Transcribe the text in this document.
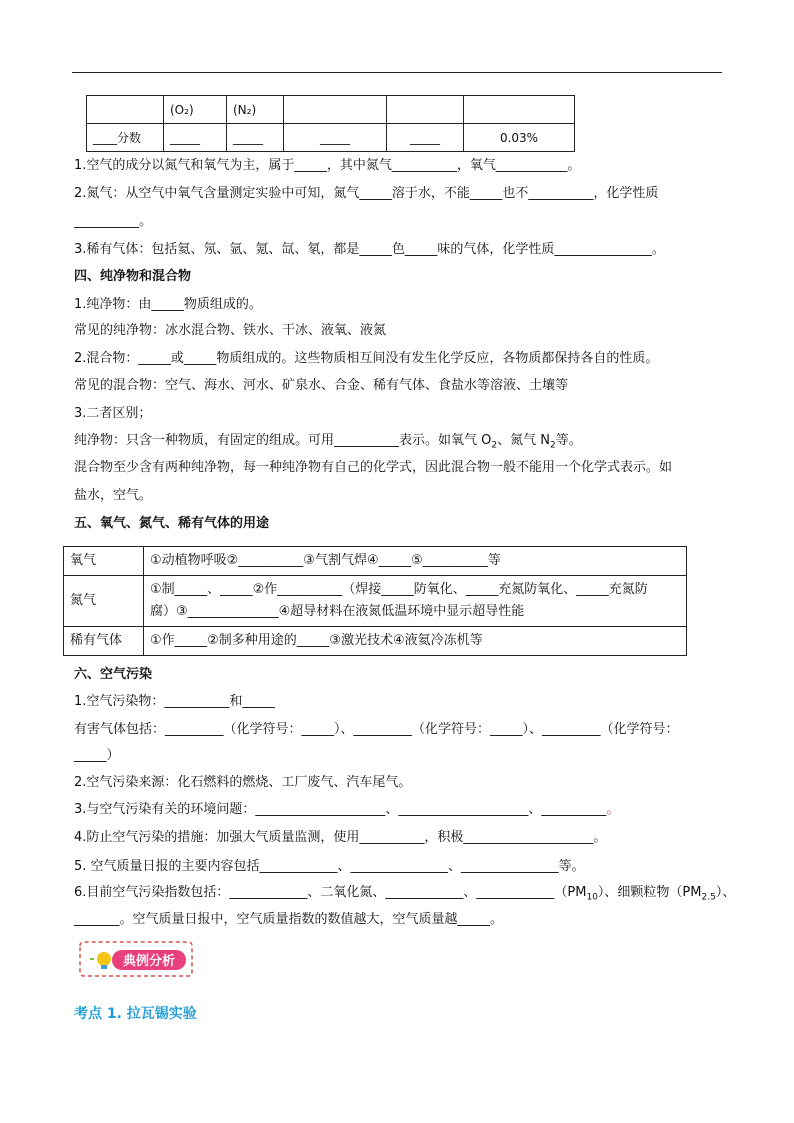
	(O₂)	(N₂)			
____分数	_____	_____	_____	_____	0.03%
1.空气的成分以氮气和氧气为主，属于_____，其中氮气__________，氧气___________。
2.氮气：从空气中氧气含量测定实验中可知，氮气_____溶于水，不能_____也不__________，化学性质
__________。
3.稀有气体：包括氦、氖、氩、氪、氙、氡，都是_____色_____味的气体，化学性质_______________。
四、纯净物和混合物
1.纯净物：由_____物质组成的。
常见的纯净物：冰水混合物、铁水、干冰、液氧、液氮
2.混合物：_____或_____物质组成的。这些物质相互间没有发生化学反应，各物质都保持各自的性质。
常见的混合物：空气、海水、河水、矿泉水、合金、稀有气体、食盐水等溶液、土壤等
3.二者区别；
纯净物：只含一种物质，有固定的组成。可用__________表示。如氧气 $O_2$、氮气 $N_2$等。
混合物至少含有两种纯净物，每一种纯净物有自己的化学式，因此混合物一般不能用一个化学式表示。如
盐水，空气。
五、氧气、氮气、稀有气体的用途
氧气	①动植物呼吸②__________③气割气焊④_____⑤__________等
氮气	①制_____、_____②作__________（焊接_____防氧化、_____充氮防氧化、_____充氮防
腐）③______________④超导材料在液氮低温环境中显示超导性能

稀有气体	①作_____②制多种用途的_____③激光技术④液氦冷冻机等
六、空气污染
1.空气污染物：__________和_____
有害气体包括：_________（化学符号：_____）、_________（化学符号：_____）、_________（化学符号：
_____）
2.空气污染来源：化石燃料的燃烧、工厂废气、汽车尾气。
3.与空气污染有关的环境问题：____________________、____________________、__________。
4.防止空气污染的措施：加强大气质量监测，使用__________，积极____________________。
5. 空气质量日报的主要内容包括____________、_______________、_______________等。
6.目前空气污染指数包括：____________、二氧化氮、____________、$\_\_\_\_\_\_\_\_\_\_\_\_(PM_{10})$、细颗粒物$(PM_{2.5})$、
_______。空气质量日报中，空气质量指数的数值越大，空气质量越_____。
典例分析
考点 1. 拉瓦锡实验
